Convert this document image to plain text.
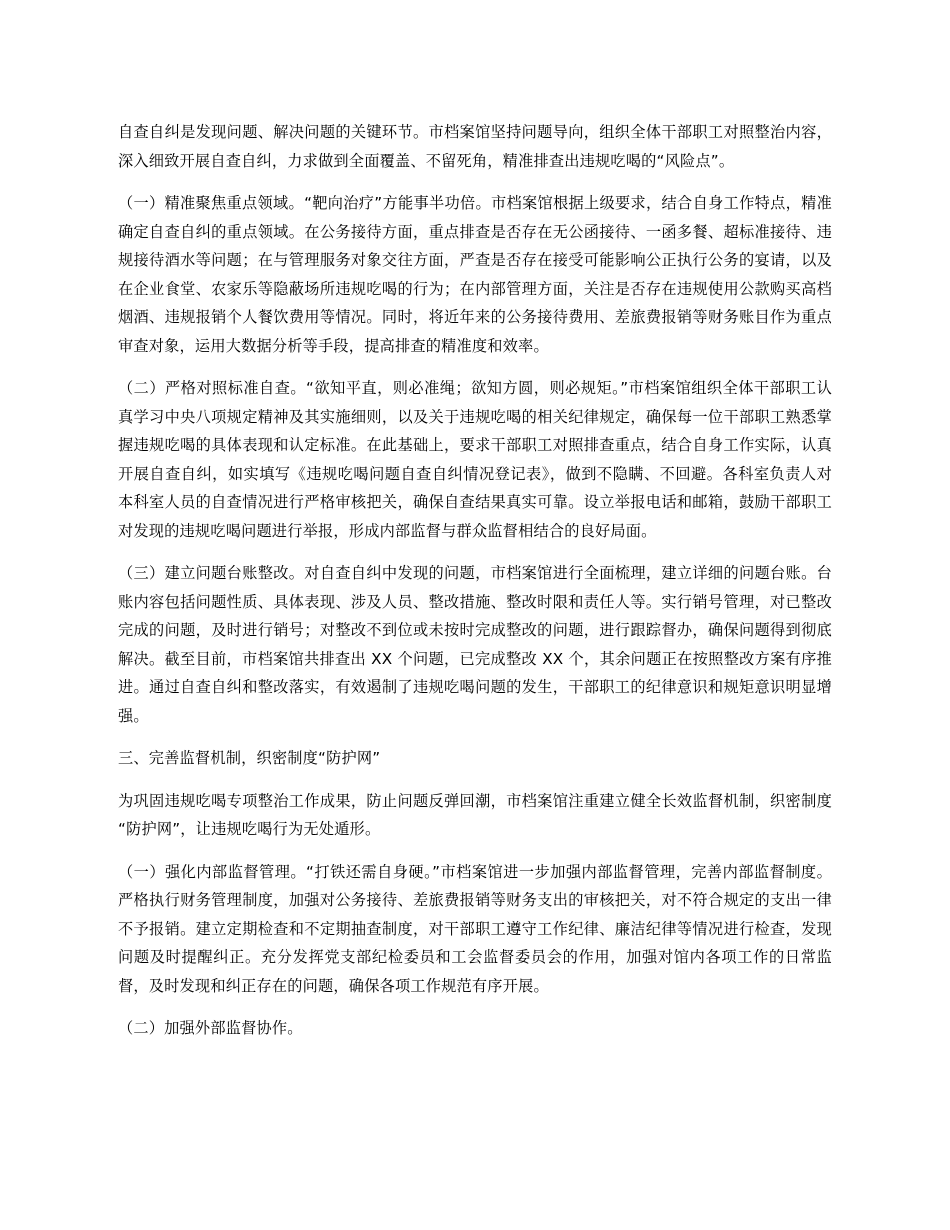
自查自纠是发现问题、解决问题的关键环节。市档案馆坚持问题导向，组织全体干部职工对照整治内容，深入细致开展自查自纠，力求做到全面覆盖、不留死角，精准排查出违规吃喝的“风险点”。

（一）精准聚焦重点领域。“靶向治疗”方能事半功倍。市档案馆根据上级要求，结合自身工作特点，精准确定自查自纠的重点领域。在公务接待方面，重点排查是否存在无公函接待、一函多餐、超标准接待、违规接待酒水等问题；在与管理服务对象交往方面，严查是否存在接受可能影响公正执行公务的宴请，以及在企业食堂、农家乐等隐蔽场所违规吃喝的行为；在内部管理方面，关注是否存在违规使用公款购买高档烟酒、违规报销个人餐饮费用等情况。同时，将近年来的公务接待费用、差旅费报销等财务账目作为重点审查对象，运用大数据分析等手段，提高排查的精准度和效率。

（二）严格对照标准自查。“欲知平直，则必准绳；欲知方圆，则必规矩。”市档案馆组织全体干部职工认真学习中央八项规定精神及其实施细则，以及关于违规吃喝的相关纪律规定，确保每一位干部职工熟悉掌握违规吃喝的具体表现和认定标准。在此基础上，要求干部职工对照排查重点，结合自身工作实际，认真开展自查自纠，如实填写《违规吃喝问题自查自纠情况登记表》，做到不隐瞒、不回避。各科室负责人对本科室人员的自查情况进行严格审核把关，确保自查结果真实可靠。设立举报电话和邮箱，鼓励干部职工对发现的违规吃喝问题进行举报，形成内部监督与群众监督相结合的良好局面。

（三）建立问题台账整改。对自查自纠中发现的问题，市档案馆进行全面梳理，建立详细的问题台账。台账内容包括问题性质、具体表现、涉及人员、整改措施、整改时限和责任人等。实行销号管理，对已整改完成的问题，及时进行销号；对整改不到位或未按时完成整改的问题，进行跟踪督办，确保问题得到彻底解决。截至目前，市档案馆共排查出 XX 个问题，已完成整改 XX 个，其余问题正在按照整改方案有序推进。通过自查自纠和整改落实，有效遏制了违规吃喝问题的发生，干部职工的纪律意识和规矩意识明显增强。

三、完善监督机制，织密制度“防护网”

为巩固违规吃喝专项整治工作成果，防止问题反弹回潮，市档案馆注重建立健全长效监督机制，织密制度“防护网”，让违规吃喝行为无处遁形。

（一）强化内部监督管理。“打铁还需自身硬。”市档案馆进一步加强内部监督管理，完善内部监督制度。严格执行财务管理制度，加强对公务接待、差旅费报销等财务支出的审核把关，对不符合规定的支出一律不予报销。建立定期检查和不定期抽查制度，对干部职工遵守工作纪律、廉洁纪律等情况进行检查，发现问题及时提醒纠正。充分发挥党支部纪检委员和工会监督委员会的作用，加强对馆内各项工作的日常监督，及时发现和纠正存在的问题，确保各项工作规范有序开展。

（二）加强外部监督协作。
